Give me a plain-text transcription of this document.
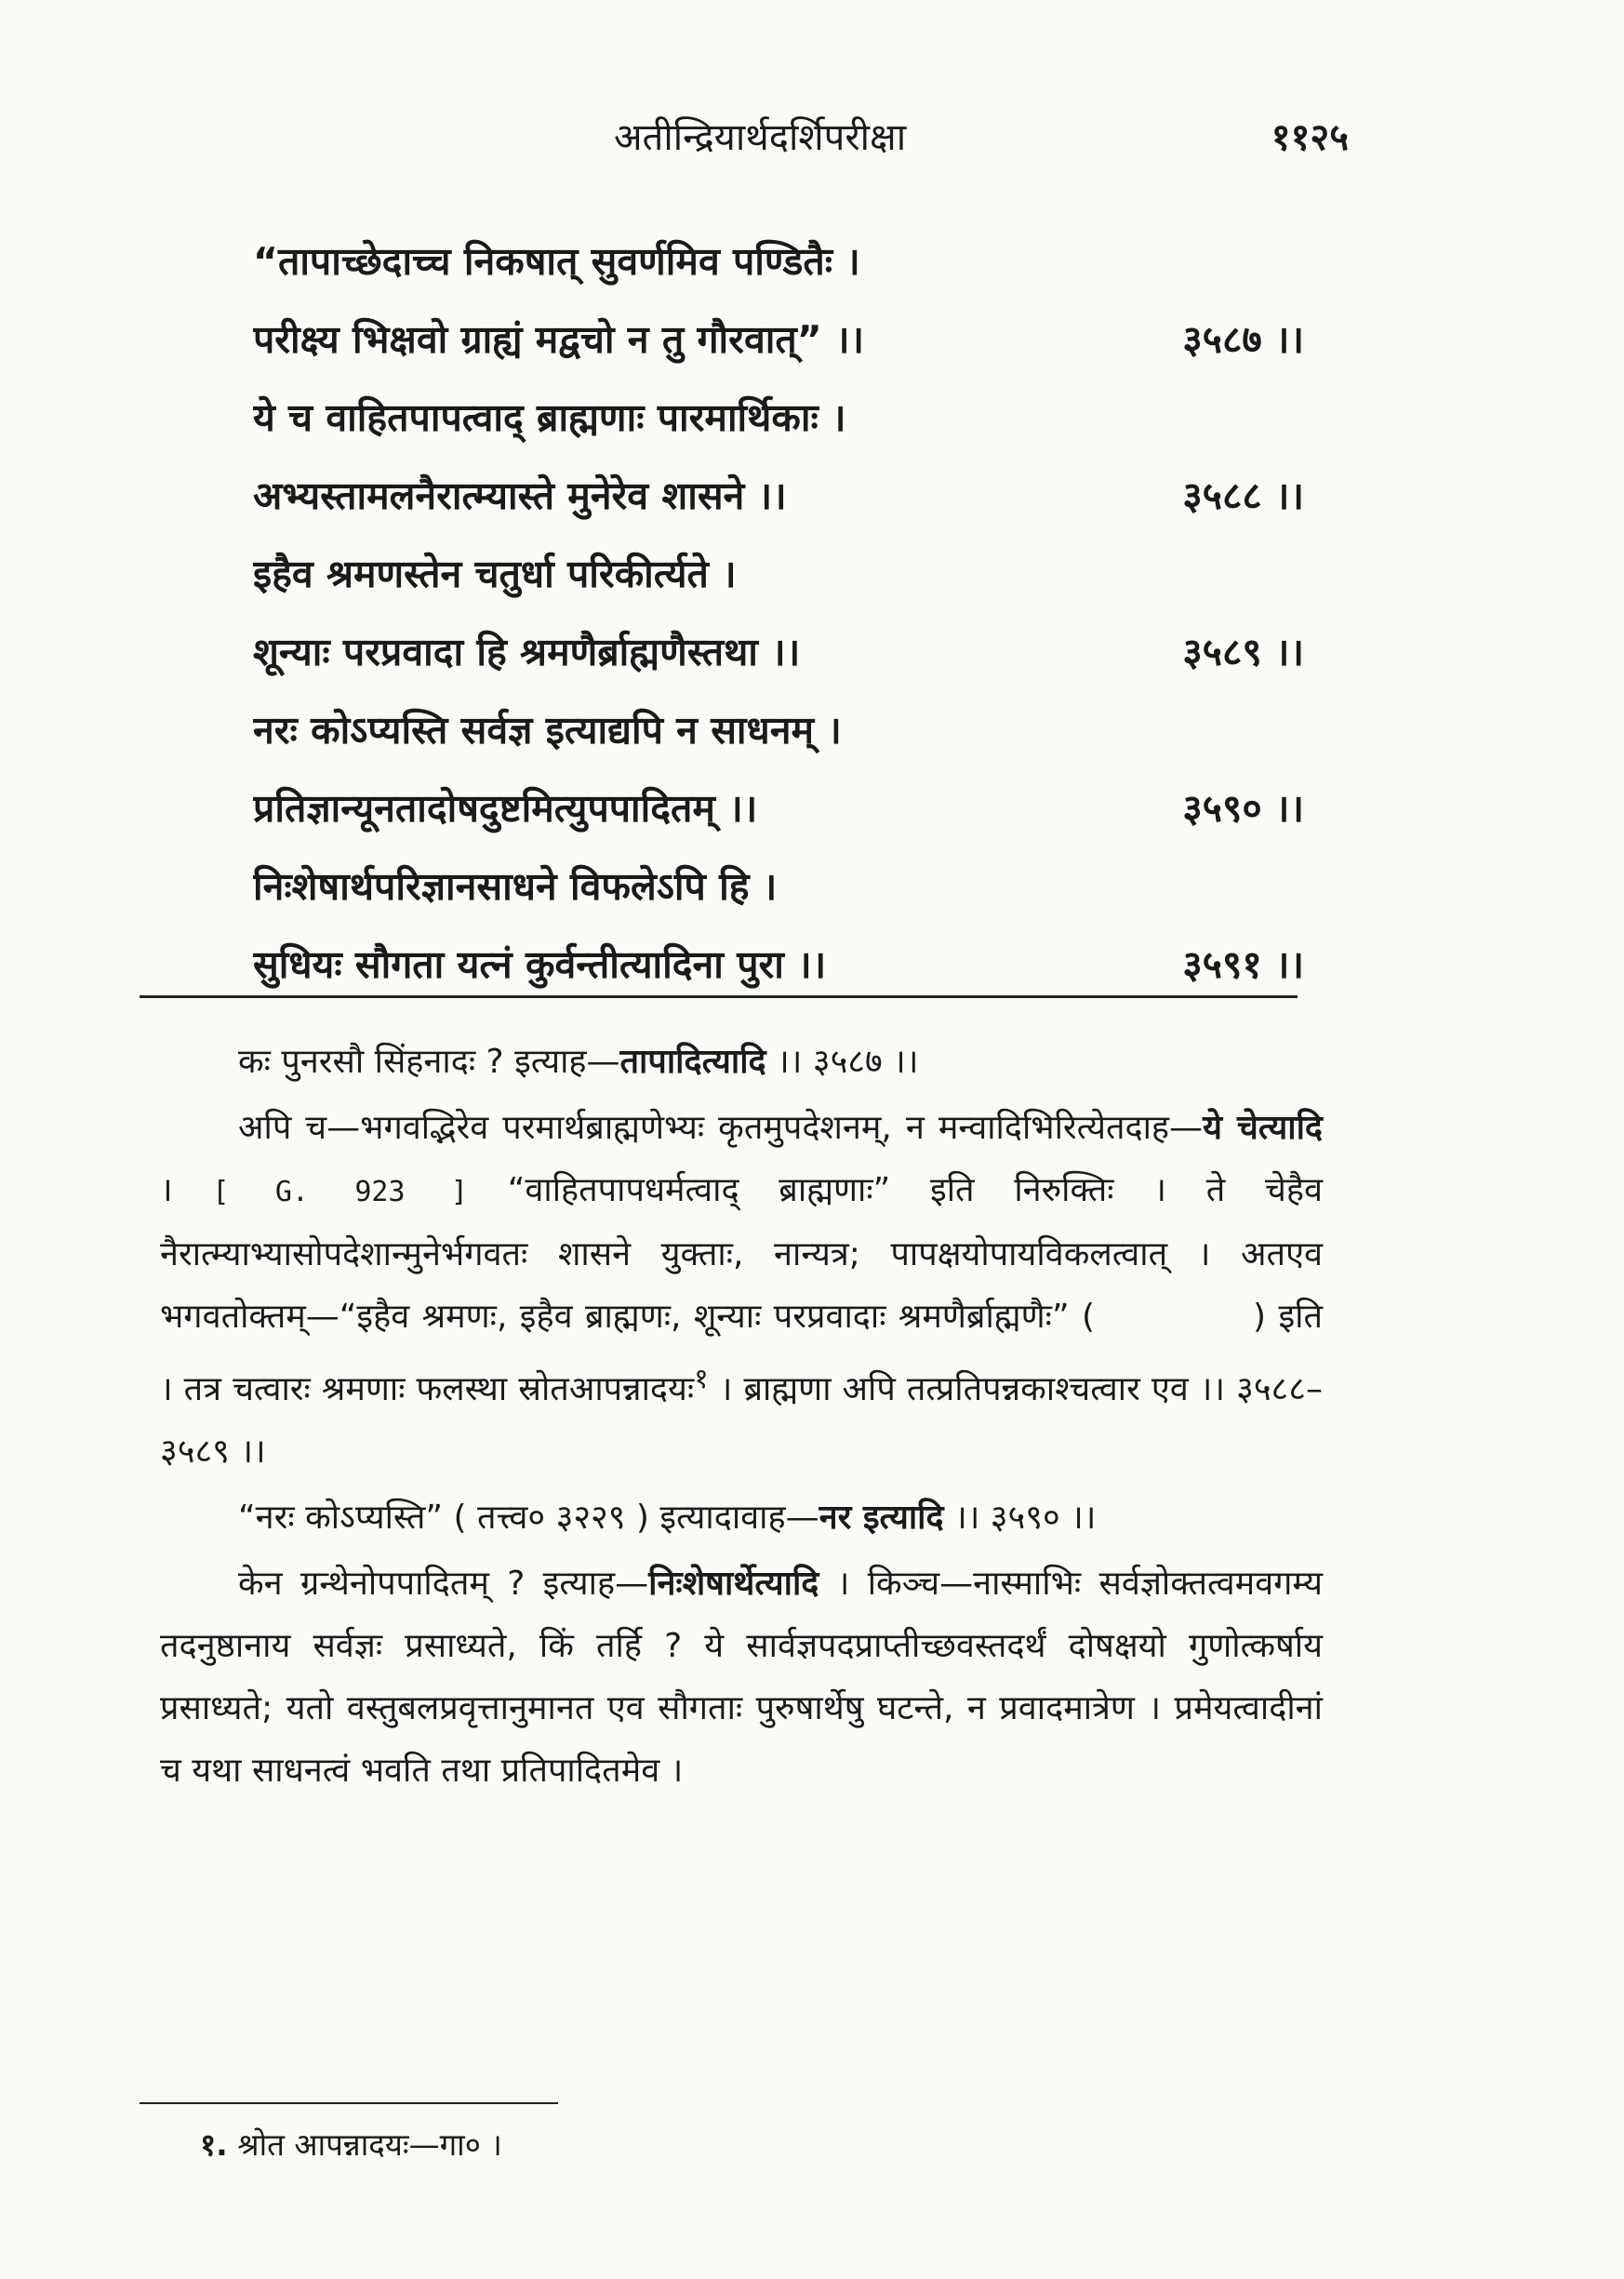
अतीन्द्रियार्थदर्शिपरीक्षा	११२५
“तापाच्छेदाच्च निकषात् सुवर्णमिव पण्डितैः ।
परीक्ष्य भिक्षवो ग्राह्यं मद्वचो न तु गौरवात्” ।।	३५८७ ।।
ये च वाहितपापत्वाद् ब्राह्मणाः पारमार्थिकाः ।
अभ्यस्तामलनैरात्म्यास्ते मुनेरेव शासने ।।	३५८८ ।।
इहैव श्रमणस्तेन चतुर्धा परिकीर्त्यते ।
शून्याः परप्रवादा हि श्रमणैर्ब्राह्मणैस्तथा ।।	३५८९ ।।
नरः कोऽप्यस्ति सर्वज्ञ इत्याद्यपि न साधनम् ।
प्रतिज्ञान्यूनतादोषदुष्टमित्युपपादितम् ।।	३५९० ।।
निःशेषार्थपरिज्ञानसाधने विफलेऽपि हि ।
सुधियः सौगता यत्नं कुर्वन्तीत्यादिना पुरा ।।	३५९१ ।।

कः पुनरसौ सिंहनादः ? इत्याह—तापादित्यादि ।। ३५८७ ।।

अपि च—भगवद्भिरेव परमार्थब्राह्मणेभ्यः कृतमुपदेशनम्, न मन्वादिभिरित्येतदाह—ये चेत्यादि । [ G. 923 ] “वाहितपापधर्मत्वाद् ब्राह्मणाः” इति निरुक्तिः । ते चेहैव नैरात्म्याभ्यासोपदेशान्मुनेर्भगवतः शासने युक्ताः, नान्यत्र; पापक्षयोपायविकलत्वात् । अतएव भगवतोक्तम्—“इहैव श्रमणः, इहैव ब्राह्मणः, शून्याः परप्रवादाः श्रमणैर्ब्राह्मणैः” (	) इति । तत्र चत्वारः श्रमणाः फलस्था स्रोतआपन्नादयः$^१$ । ब्राह्मणा अपि तत्प्रतिपन्नकाश्चत्वार एव ।। ३५८८–३५८९ ।।

“नरः कोऽप्यस्ति” ( तत्त्व० ३२२९ ) इत्यादावाह—नर इत्यादि ।। ३५९० ।।

केन ग्रन्थेनोपपादितम् ? इत्याह—निःशेषार्थेत्यादि । किञ्च—नास्माभिः सर्वज्ञोक्तत्वमवगम्य तदनुष्ठानाय सर्वज्ञः प्रसाध्यते, किं तर्हि ? ये सार्वज्ञपदप्राप्तीच्छवस्तदर्थं दोषक्षयो गुणोत्कर्षाय प्रसाध्यते; यतो वस्तुबलप्रवृत्तानुमानत एव सौगताः पुरुषार्थेषु घटन्ते, न प्रवादमात्रेण । प्रमेयत्वादीनां च यथा साधनत्वं भवति तथा प्रतिपादितमेव ।

१. श्रोत आपन्नादयः—गा० ।
